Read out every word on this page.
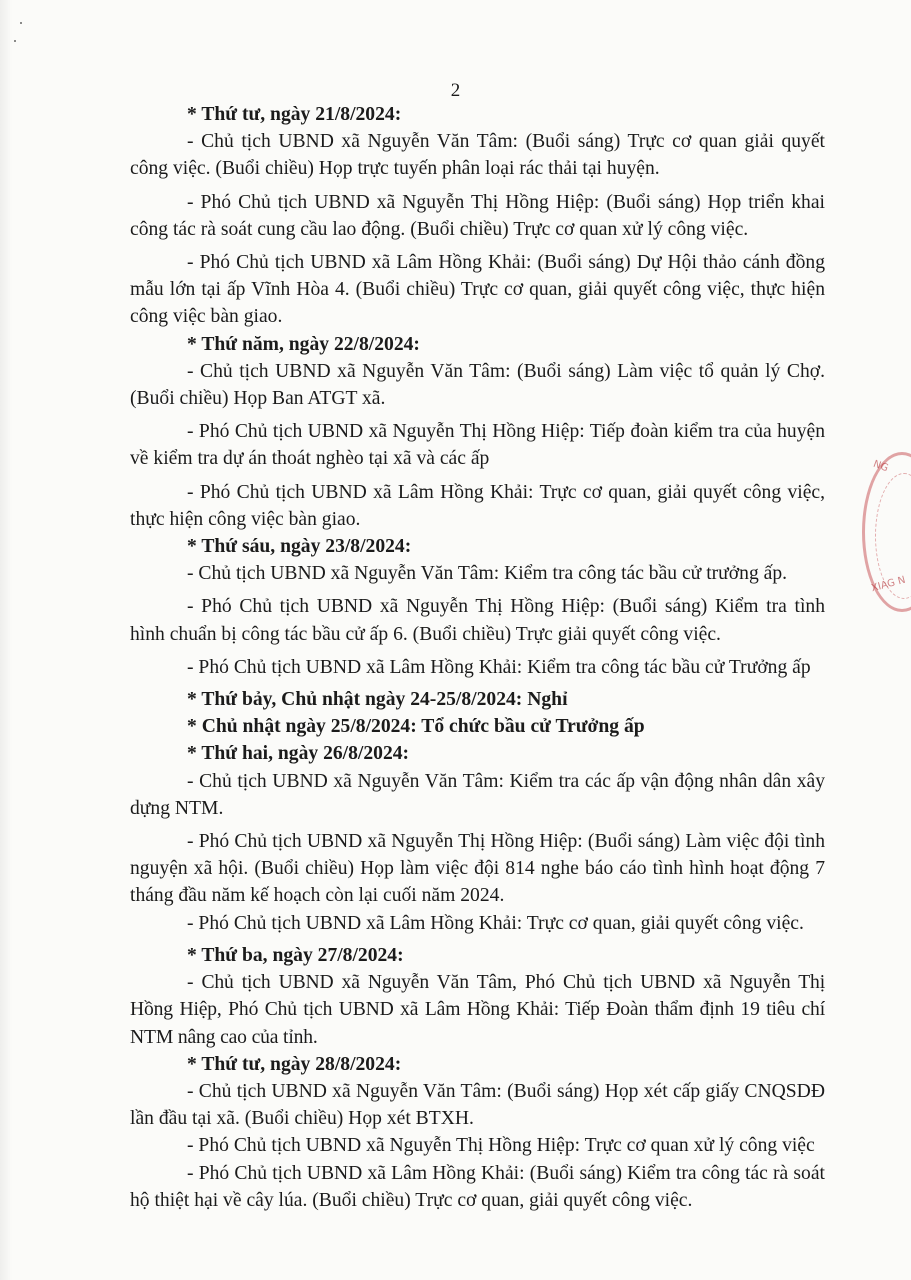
2

* Thứ tư, ngày 21/8/2024:

- Chủ tịch UBND xã Nguyễn Văn Tâm: (Buổi sáng) Trực cơ quan giải quyết công việc. (Buổi chiều) Họp trực tuyến phân loại rác thải tại huyện.

- Phó Chủ tịch UBND xã Nguyễn Thị Hồng Hiệp: (Buổi sáng) Họp triển khai công tác rà soát cung cầu lao động. (Buổi chiều) Trực cơ quan xử lý công việc.

- Phó Chủ tịch UBND xã Lâm Hồng Khải: (Buổi sáng) Dự Hội thảo cánh đồng mẫu lớn tại ấp Vĩnh Hòa 4. (Buổi chiều) Trực cơ quan, giải quyết công việc, thực hiện công việc bàn giao.

* Thứ năm, ngày 22/8/2024:

- Chủ tịch UBND xã Nguyễn Văn Tâm: (Buổi sáng) Làm việc tổ quản lý Chợ. (Buổi chiều) Họp Ban ATGT xã.

- Phó Chủ tịch UBND xã Nguyễn Thị Hồng Hiệp: Tiếp đoàn kiểm tra của huyện về kiểm tra dự án thoát nghèo tại xã và các ấp

- Phó Chủ tịch UBND xã Lâm Hồng Khải: Trực cơ quan, giải quyết công việc, thực hiện công việc bàn giao.

* Thứ sáu, ngày 23/8/2024:

- Chủ tịch UBND xã Nguyễn Văn Tâm: Kiểm tra công tác bầu cử trưởng ấp.

- Phó Chủ tịch UBND xã Nguyễn Thị Hồng Hiệp: (Buổi sáng) Kiểm tra tình hình chuẩn bị công tác bầu cử ấp 6. (Buổi chiều) Trực giải quyết công việc.

- Phó Chủ tịch UBND xã Lâm Hồng Khải: Kiểm tra công tác bầu cử Trưởng ấp

* Thứ bảy, Chủ nhật ngày 24-25/8/2024: Nghỉ

* Chủ nhật ngày 25/8/2024: Tổ chức bầu cử Trưởng ấp

* Thứ hai, ngày 26/8/2024:

- Chủ tịch UBND xã Nguyễn Văn Tâm: Kiểm tra các ấp vận động nhân dân xây dựng NTM.

- Phó Chủ tịch UBND xã Nguyễn Thị Hồng Hiệp: (Buổi sáng) Làm việc đội tình nguyện xã hội. (Buổi chiều) Họp làm việc đội 814 nghe báo cáo tình hình hoạt động 7 tháng đầu năm kế hoạch còn lại cuối năm 2024.

- Phó Chủ tịch UBND xã Lâm Hồng Khải: Trực cơ quan, giải quyết công việc.

* Thứ ba, ngày 27/8/2024:

- Chủ tịch UBND xã Nguyễn Văn Tâm, Phó Chủ tịch UBND xã Nguyễn Thị Hồng Hiệp, Phó Chủ tịch UBND xã Lâm Hồng Khải: Tiếp Đoàn thẩm định 19 tiêu chí NTM nâng cao của tỉnh.

* Thứ tư, ngày 28/8/2024:

- Chủ tịch UBND xã Nguyễn Văn Tâm: (Buổi sáng) Họp xét cấp giấy CNQSDĐ lần đầu tại xã. (Buổi chiều) Họp xét BTXH.

- Phó Chủ tịch UBND xã Nguyễn Thị Hồng Hiệp: Trực cơ quan xử lý công việc

- Phó Chủ tịch UBND xã Lâm Hồng Khải: (Buổi sáng) Kiểm tra công tác rà soát hộ thiệt hại về cây lúa. (Buổi chiều) Trực cơ quan, giải quyết công việc.

NG
XIAG N
